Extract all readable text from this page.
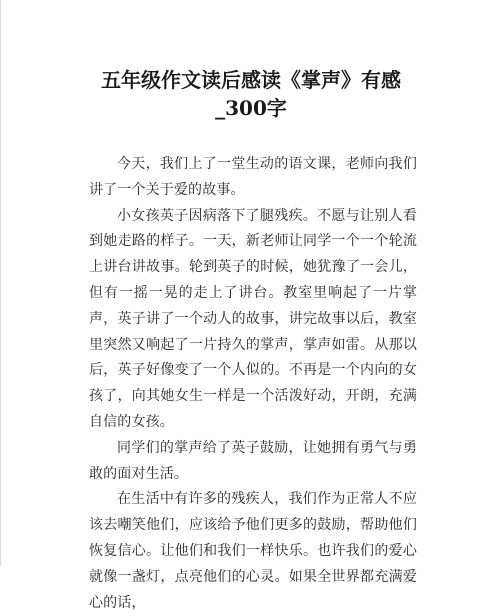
五年级作文读后感读《掌声》有感_300字

今天，我们上了一堂生动的语文课，老师向我们讲了一个关于爱的故事。

小女孩英子因病落下了腿残疾。不愿与让别人看到她走路的样子。一天，新老师让同学一个一个轮流上讲台讲故事。轮到英子的时候，她犹豫了一会儿，但有一摇一晃的走上了讲台。教室里响起了一片掌声，英子讲了一个动人的故事，讲完故事以后，教室里突然又响起了一片持久的掌声，掌声如雷。从那以后，英子好像变了一个人似的。不再是一个内向的女孩了，向其她女生一样是一个活泼好动，开朗，充满自信的女孩。

同学们的掌声给了英子鼓励，让她拥有勇气与勇敢的面对生活。

在生活中有许多的残疾人，我们作为正常人不应该去嘲笑他们，应该给予他们更多的鼓励，帮助他们恢复信心。让他们和我们一样快乐。也许我们的爱心就像一盏灯，点亮他们的心灵。如果全世界都充满爱心的话，
